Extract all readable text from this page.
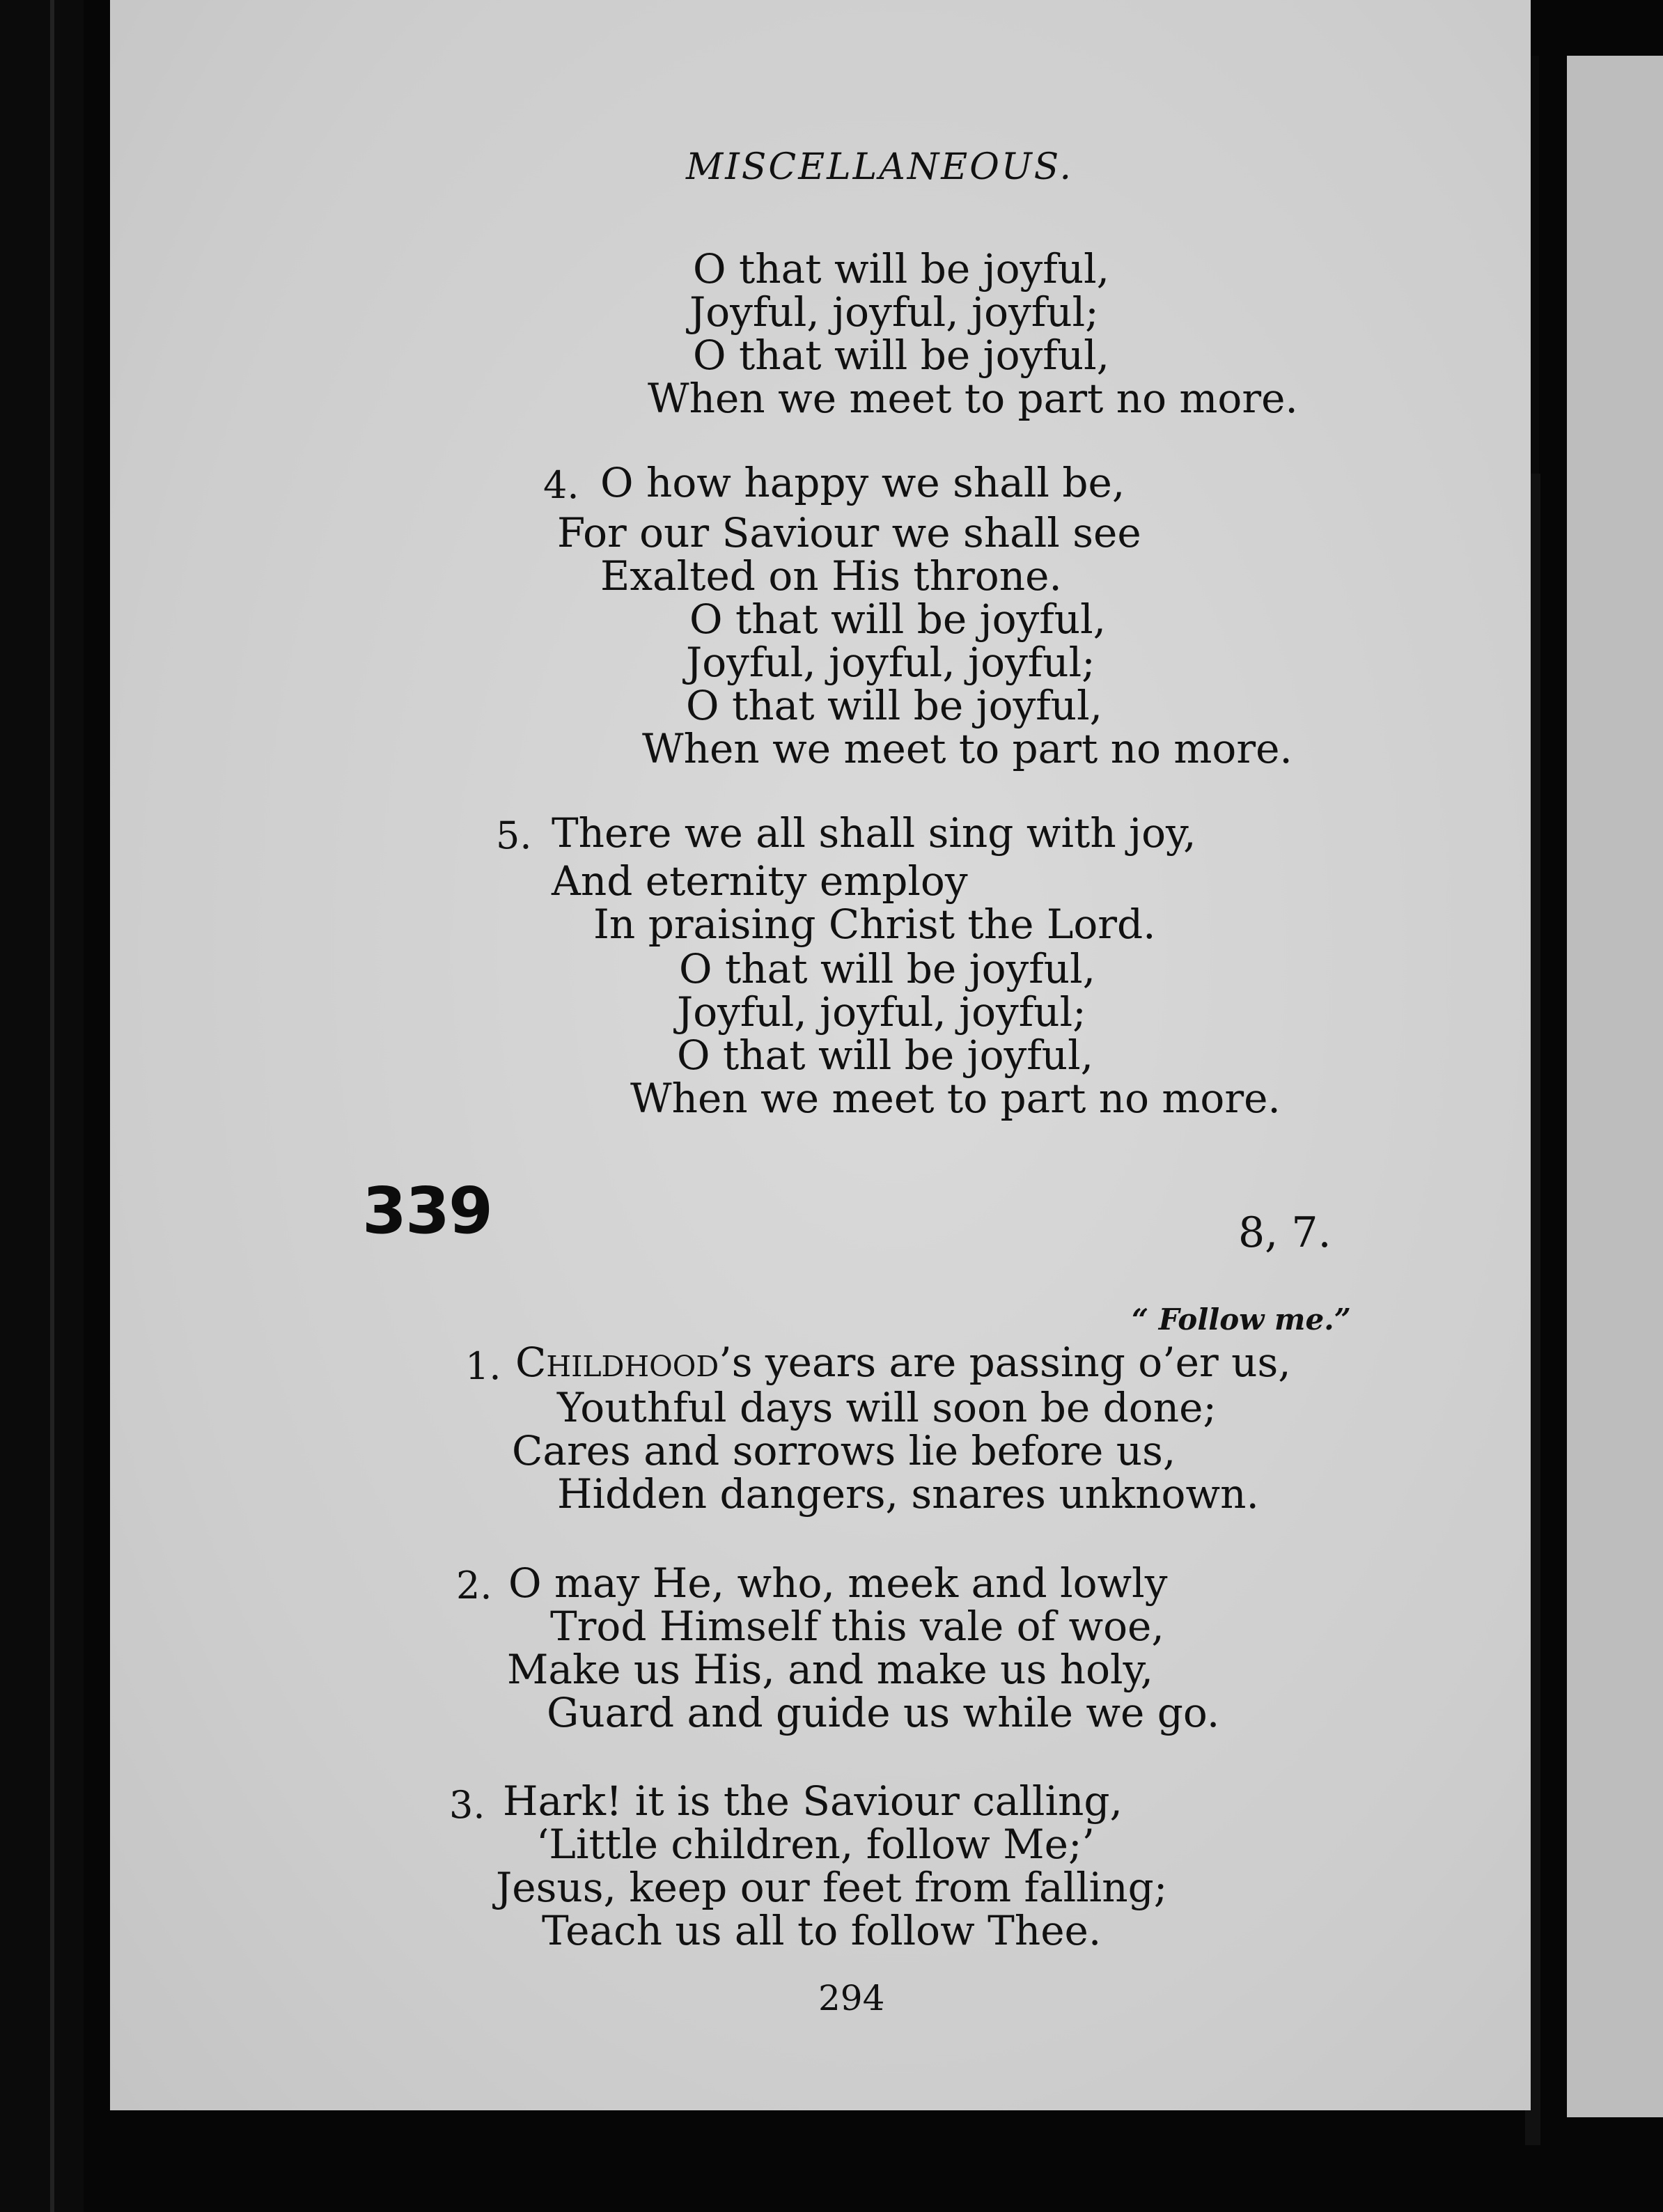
MISCELLANEOUS.
O that will be joyful,
Joyful, joyful, joyful;
O that will be joyful,
When we meet to part no more.
4. O how happy we shall be,
For our Saviour we shall see
Exalted on His throne.
O that will be joyful,
Joyful, joyful, joyful;
O that will be joyful,
When we meet to part no more.
5. There we all shall sing with joy,
And eternity employ
In praising Christ the Lord.
O that will be joyful,
Joyful, joyful, joyful;
O that will be joyful,
When we meet to part no more.
339	8, 7.
“ Follow me.”
1. Childhood’s years are passing o’er us,
Youthful days will soon be done;
Cares and sorrows lie before us,
Hidden dangers, snares unknown.
2. O may He, who, meek and lowly
Trod Himself this vale of woe,
Make us His, and make us holy,
Guard and guide us while we go.
3. Hark! it is the Saviour calling,
‘Little children, follow Me;’
Jesus, keep our feet from falling;
Teach us all to follow Thee.
294
